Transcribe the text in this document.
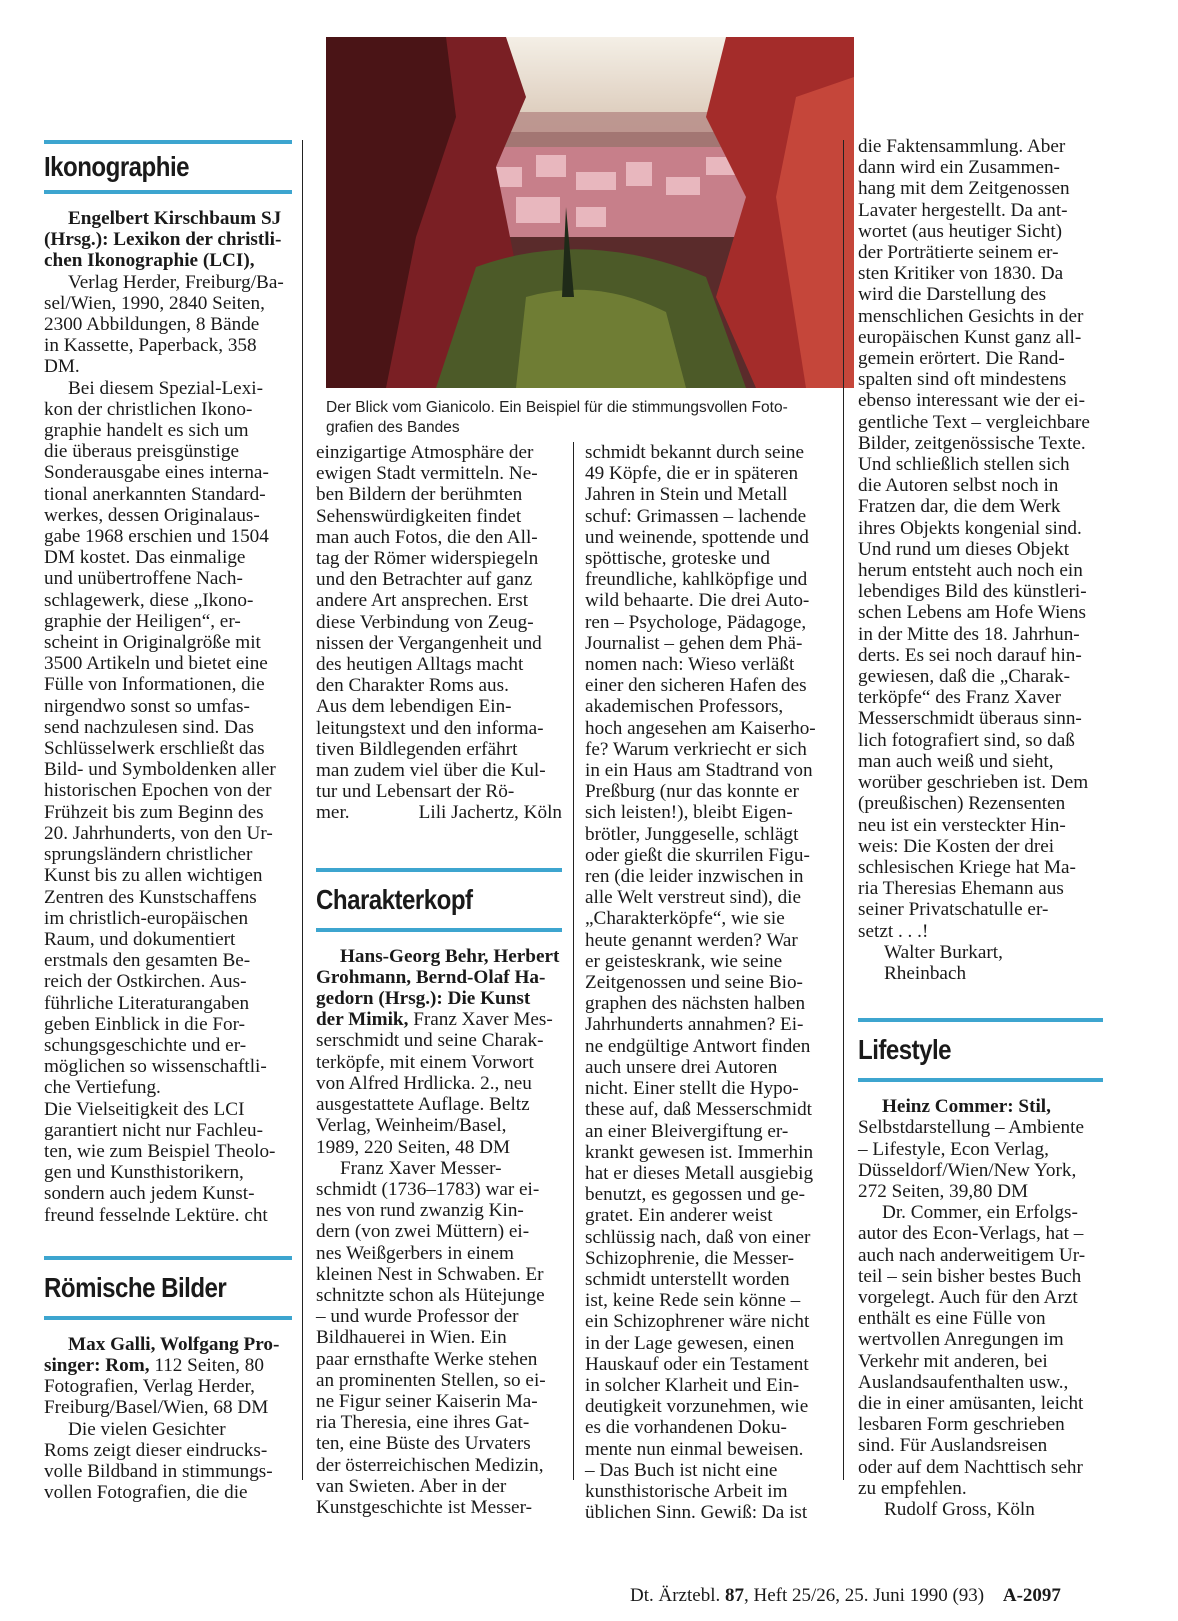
Ikonographie

Engelbert Kirschbaum SJ
(Hrsg.): Lexikon der christli-
chen Ikonographie (LCI),
Verlag Herder, Freiburg/Ba-
sel/Wien, 1990, 2840 Seiten,
2300 Abbildungen, 8 Bände
in Kassette, Paperback, 358
DM.

Bei diesem Spezial-Lexi-
kon der christlichen Ikono-
graphie handelt es sich um
die überaus preisgünstige
Sonderausgabe eines interna-
tional anerkannten Standard-
werkes, dessen Originalaus-
gabe 1968 erschien und 1504
DM kostet. Das einmalige
und unübertroffene Nach-
schlagewerk, diese „Ikono-
graphie der Heiligen“, er-
scheint in Originalgröße mit
3500 Artikeln und bietet eine
Fülle von Informationen, die
nirgendwo sonst so umfas-
send nachzulesen sind. Das
Schlüsselwerk erschließt das
Bild- und Symboldenken aller
historischen Epochen von der
Frühzeit bis zum Beginn des
20. Jahrhunderts, von den Ur-
sprungsländern christlicher
Kunst bis zu allen wichtigen
Zentren des Kunstschaffens
im christlich-europäischen
Raum, und dokumentiert
erstmals den gesamten Be-
reich der Ostkirchen. Aus-
führliche Literaturangaben
geben Einblick in die For-
schungsgeschichte und er-
möglichen so wissenschaftli-
che Vertiefung.
Die Vielseitigkeit des LCI
garantiert nicht nur Fachleu-
ten, wie zum Beispiel Theolo-
gen und Kunsthistorikern,
sondern auch jedem Kunst-
freund fesselnde Lektüre. cht

Römische Bilder

Max Galli, Wolfgang Pro-
singer: Rom, 112 Seiten, 80
Fotografien, Verlag Herder,
Freiburg/Basel/Wien, 68 DM

Die vielen Gesichter
Roms zeigt dieser eindrucks-
volle Bildband in stimmungs-
vollen Fotografien, die die

Der Blick vom Gianicolo. Ein Beispiel für die stimmungsvollen Foto-
grafien des Bandes

einzigartige Atmosphäre der
ewigen Stadt vermitteln. Ne-
ben Bildern der berühmten
Sehenswürdigkeiten findet
man auch Fotos, die den All-
tag der Römer widerspiegeln
und den Betrachter auf ganz
andere Art ansprechen. Erst
diese Verbindung von Zeug-
nissen der Vergangenheit und
des heutigen Alltags macht
den Charakter Roms aus.
Aus dem lebendigen Ein-
leitungstext und den informa-
tiven Bildlegenden erfährt
man zudem viel über die Kul-
tur und Lebensart der Rö-
mer.	Lili Jachertz, Köln
Charakterkopf

Hans-Georg Behr, Herbert
Grohmann, Bernd-Olaf Ha-
gedorn (Hrsg.): Die Kunst
der Mimik, Franz Xaver Mes-
serschmidt und seine Charak-
terköpfe, mit einem Vorwort
von Alfred Hrdlicka. 2., neu
ausgestattete Auflage. Beltz
Verlag, Weinheim/Basel,
1989, 220 Seiten, 48 DM

Franz Xaver Messer-
schmidt (1736–1783) war ei-
nes von rund zwanzig Kin-
dern (von zwei Müttern) ei-
nes Weißgerbers in einem
kleinen Nest in Schwaben. Er
schnitzte schon als Hütejunge
– und wurde Professor der
Bildhauerei in Wien. Ein
paar ernsthafte Werke stehen
an prominenten Stellen, so ei-
ne Figur seiner Kaiserin Ma-
ria Theresia, eine ihres Gat-
ten, eine Büste des Urvaters
der österreichischen Medizin,
van Swieten. Aber in der
Kunstgeschichte ist Messer-

schmidt bekannt durch seine
49 Köpfe, die er in späteren
Jahren in Stein und Metall
schuf: Grimassen – lachende
und weinende, spottende und
spöttische, groteske und
freundliche, kahlköpfige und
wild behaarte. Die drei Auto-
ren – Psychologe, Pädagoge,
Journalist – gehen dem Phä-
nomen nach: Wieso verläßt
einer den sicheren Hafen des
akademischen Professors,
hoch angesehen am Kaiserho-
fe? Warum verkriecht er sich
in ein Haus am Stadtrand von
Preßburg (nur das konnte er
sich leisten!), bleibt Eigen-
brötler, Junggeselle, schlägt
oder gießt die skurrilen Figu-
ren (die leider inzwischen in
alle Welt verstreut sind), die
„Charakterköpfe“, wie sie
heute genannt werden? War
er geisteskrank, wie seine
Zeitgenossen und seine Bio-
graphen des nächsten halben
Jahrhunderts annahmen? Ei-
ne endgültige Antwort finden
auch unsere drei Autoren
nicht. Einer stellt die Hypo-
these auf, daß Messerschmidt
an einer Bleivergiftung er-
krankt gewesen ist. Immerhin
hat er dieses Metall ausgiebig
benutzt, es gegossen und ge-
gratet. Ein anderer weist
schlüssig nach, daß von einer
Schizophrenie, die Messer-
schmidt unterstellt worden
ist, keine Rede sein könne –
ein Schizophrener wäre nicht
in der Lage gewesen, einen
Hauskauf oder ein Testament
in solcher Klarheit und Ein-
deutigkeit vorzunehmen, wie
es die vorhandenen Doku-
mente nun einmal beweisen.
– Das Buch ist nicht eine
kunsthistorische Arbeit im
üblichen Sinn. Gewiß: Da ist

die Faktensammlung. Aber
dann wird ein Zusammen-
hang mit dem Zeitgenossen
Lavater hergestellt. Da ant-
wortet (aus heutiger Sicht)
der Porträtierte seinem er-
sten Kritiker von 1830. Da
wird die Darstellung des
menschlichen Gesichts in der
europäischen Kunst ganz all-
gemein erörtert. Die Rand-
spalten sind oft mindestens
ebenso interessant wie der ei-
gentliche Text – vergleichbare
Bilder, zeitgenössische Texte.
Und schließlich stellen sich
die Autoren selbst noch in
Fratzen dar, die dem Werk
ihres Objekts kongenial sind.
Und rund um dieses Objekt
herum entsteht auch noch ein
lebendiges Bild des künstleri-
schen Lebens am Hofe Wiens
in der Mitte des 18. Jahrhun-
derts. Es sei noch darauf hin-
gewiesen, daß die „Charak-
terköpfe“ des Franz Xaver
Messerschmidt überaus sinn-
lich fotografiert sind, so daß
man auch weiß und sieht,
worüber geschrieben ist. Dem
(preußischen) Rezensenten
neu ist ein versteckter Hin-
weis: Die Kosten der drei
schlesischen Kriege hat Ma-
ria Theresias Ehemann aus
seiner Privatschatulle er-
setzt . . .!

Walter Burkart,
Rheinbach

Lifestyle

Heinz Commer: Stil,
Selbstdarstellung – Ambiente
– Lifestyle, Econ Verlag,
Düsseldorf/Wien/New York,
272 Seiten, 39,80 DM

Dr. Commer, ein Erfolgs-
autor des Econ-Verlags, hat –
auch nach anderweitigem Ur-
teil – sein bisher bestes Buch
vorgelegt. Auch für den Arzt
enthält es eine Fülle von
wertvollen Anregungen im
Verkehr mit anderen, bei
Auslandsaufenthalten usw.,
die in einer amüsanten, leicht
lesbaren Form geschrieben
sind. Für Auslandsreisen
oder auf dem Nachttisch sehr
zu empfehlen.

Rudolf Gross, Köln

Dt. Ärztebl. 87, Heft 25/26, 25. Juni 1990 (93) A-2097
